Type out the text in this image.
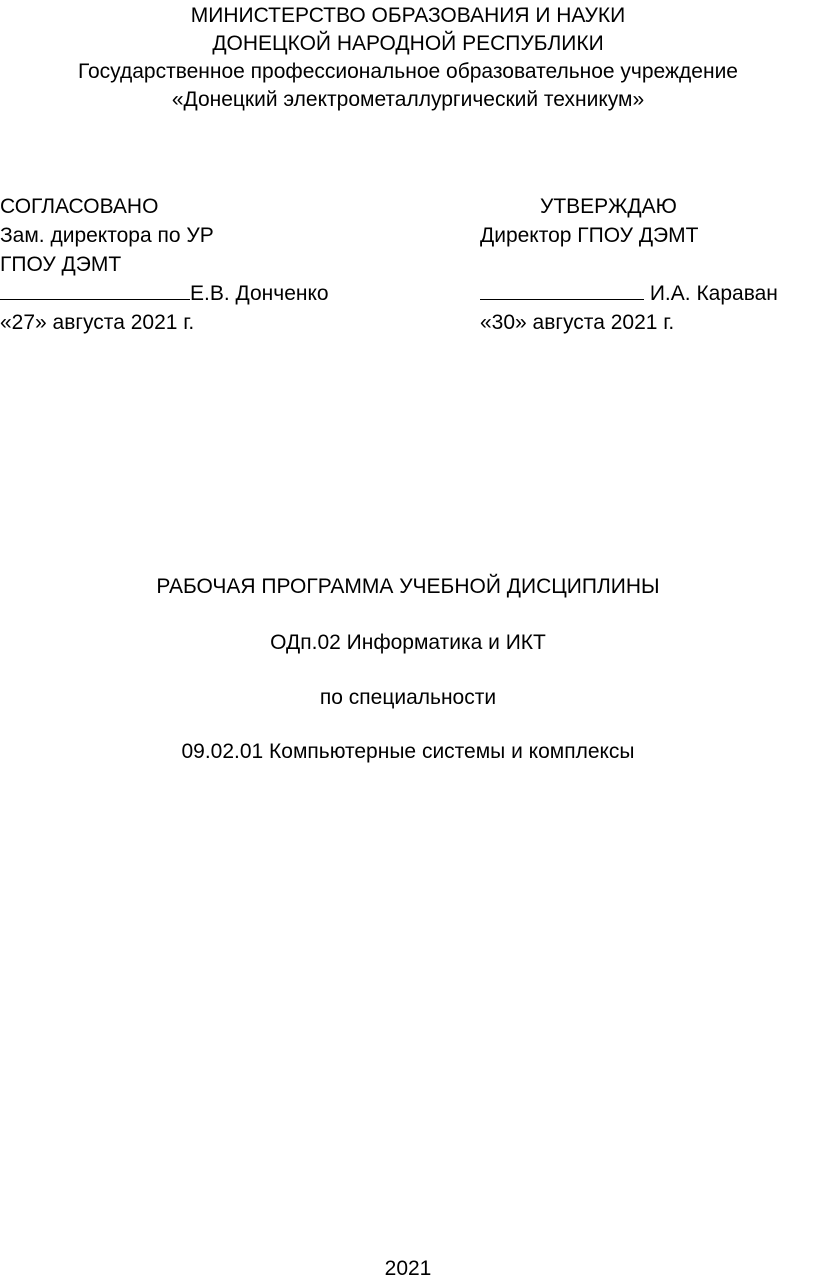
МИНИСТЕРСТВО ОБРАЗОВАНИЯ И НАУКИ
ДОНЕЦКОЙ НАРОДНОЙ РЕСПУБЛИКИ
Государственное профессиональное образовательное учреждение
«Донецкий электрометаллургический техникум»
СОГЛАСОВАНО
Зам. директора по УР
ГПОУ ДЭМТ
Е.В. Донченко
«27» августа 2021 г.
УТВЕРЖДАЮ
Директор ГПОУ ДЭМТ
И.А. Караван
«30» августа 2021 г.
РАБОЧАЯ ПРОГРАММА УЧЕБНОЙ ДИСЦИПЛИНЫ
ОДп.02 Информатика и ИКТ
по специальности
09.02.01 Компьютерные системы и комплексы
2021
